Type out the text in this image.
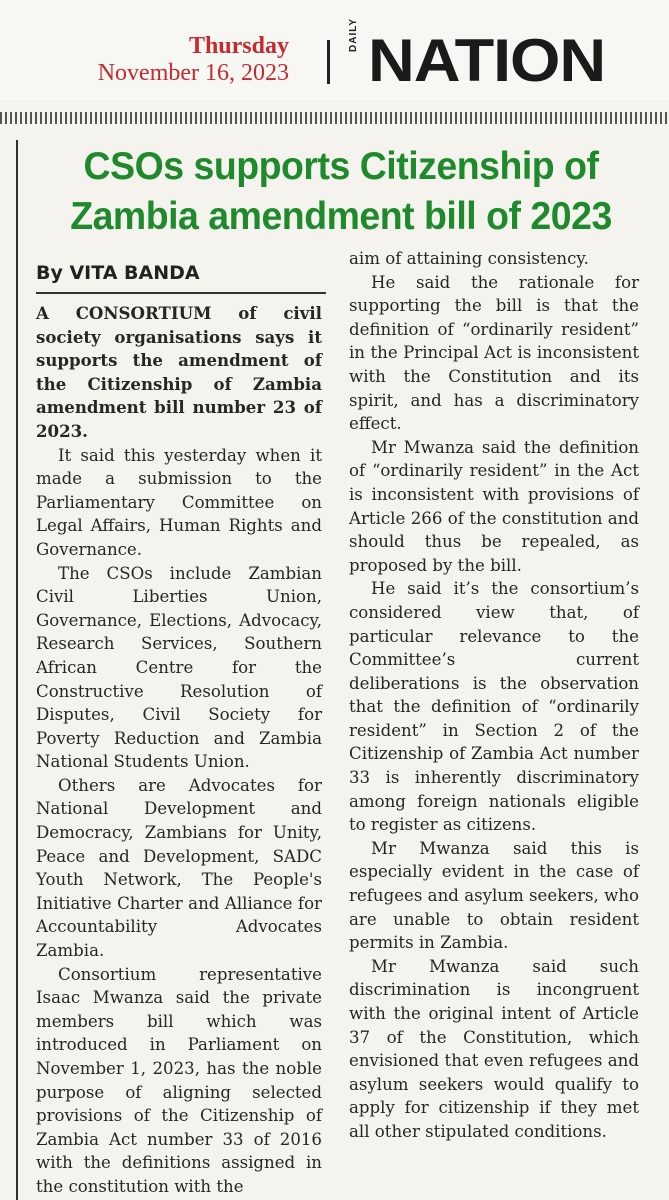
Thursday
November 16, 2023
DAILY NATION
CSOs supports Citizenship of Zambia amendment bill of 2023
By VITA BANDA

A CONSORTIUM of civil society organisations says it supports the amendment of the Citizenship of Zambia amendment bill number 23 of 2023.

It said this yesterday when it made a submission to the Parliamentary Committee on Legal Affairs, Human Rights and Governance.

The CSOs include Zambian Civil Liberties Union, Governance, Elections, Advocacy, Research Services, Southern African Centre for the Constructive Resolution of Disputes, Civil Society for Poverty Reduction and Zambia National Students Union.

Others are Advocates for National Development and Democracy, Zambians for Unity, Peace and Development, SADC Youth Network, The People's Initiative Charter and Alliance for Accountability Advocates Zambia.

Consortium representative Isaac Mwanza said the private members bill which was introduced in Parliament on November 1, 2023, has the noble purpose of aligning selected provisions of the Citizenship of Zambia Act number 33 of 2016 with the definitions assigned in the constitution with the

aim of attaining consistency.

He said the rationale for supporting the bill is that the definition of “ordinarily resident” in the Principal Act is inconsistent with the Constitution and its spirit, and has a discriminatory effect.

Mr Mwanza said the definition of “ordinarily resident” in the Act is inconsistent with provisions of Article 266 of the constitution and should thus be repealed, as proposed by the bill.

He said it’s the consortium’s considered view that, of particular relevance to the Committee’s current deliberations is the observation that the definition of “ordinarily resident” in Section 2 of the Citizenship of Zambia Act number 33 is inherently discriminatory among foreign nationals eligible to register as citizens.

Mr Mwanza said this is especially evident in the case of refugees and asylum seekers, who are unable to obtain resident permits in Zambia.

Mr Mwanza said such discrimination is incongruent with the original intent of Article 37 of the Constitution, which envisioned that even refugees and asylum seekers would qualify to apply for citizenship if they met all other stipulated conditions.
